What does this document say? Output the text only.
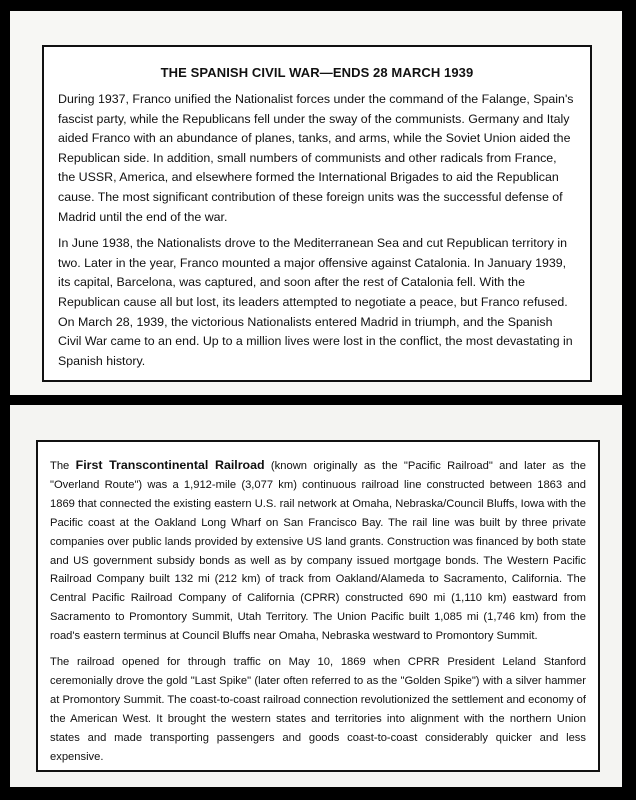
THE SPANISH CIVIL WAR—ENDS 28 MARCH 1939

During 1937, Franco unified the Nationalist forces under the command of the Falange, Spain's fascist party, while the Republicans fell under the sway of the communists. Germany and Italy aided Franco with an abundance of planes, tanks, and arms, while the Soviet Union aided the Republican side. In addition, small numbers of communists and other radicals from France, the USSR, America, and elsewhere formed the International Brigades to aid the Republican cause. The most significant contribution of these foreign units was the successful defense of Madrid until the end of the war.

In June 1938, the Nationalists drove to the Mediterranean Sea and cut Republican territory in two. Later in the year, Franco mounted a major offensive against Catalonia. In January 1939, its capital, Barcelona, was captured, and soon after the rest of Catalonia fell. With the Republican cause all but lost, its leaders attempted to negotiate a peace, but Franco refused. On March 28, 1939, the victorious Nationalists entered Madrid in triumph, and the Spanish Civil War came to an end. Up to a million lives were lost in the conflict, the most devastating in Spanish history.

The First Transcontinental Railroad (known originally as the "Pacific Railroad" and later as the "Overland Route") was a 1,912-mile (3,077 km) continuous railroad line constructed between 1863 and 1869 that connected the existing eastern U.S. rail network at Omaha, Nebraska/Council Bluffs, Iowa with the Pacific coast at the Oakland Long Wharf on San Francisco Bay. The rail line was built by three private companies over public lands provided by extensive US land grants. Construction was financed by both state and US government subsidy bonds as well as by company issued mortgage bonds. The Western Pacific Railroad Company built 132 mi (212 km) of track from Oakland/Alameda to Sacramento, California. The Central Pacific Railroad Company of California (CPRR) constructed 690 mi (1,110 km) eastward from Sacramento to Promontory Summit, Utah Territory. The Union Pacific built 1,085 mi (1,746 km) from the road's eastern terminus at Council Bluffs near Omaha, Nebraska westward to Promontory Summit.

The railroad opened for through traffic on May 10, 1869 when CPRR President Leland Stanford ceremonially drove the gold "Last Spike" (later often referred to as the "Golden Spike") with a silver hammer at Promontory Summit. The coast-to-coast railroad connection revolutionized the settlement and economy of the American West. It brought the western states and territories into alignment with the northern Union states and made transporting passengers and goods coast-to-coast considerably quicker and less expensive.
